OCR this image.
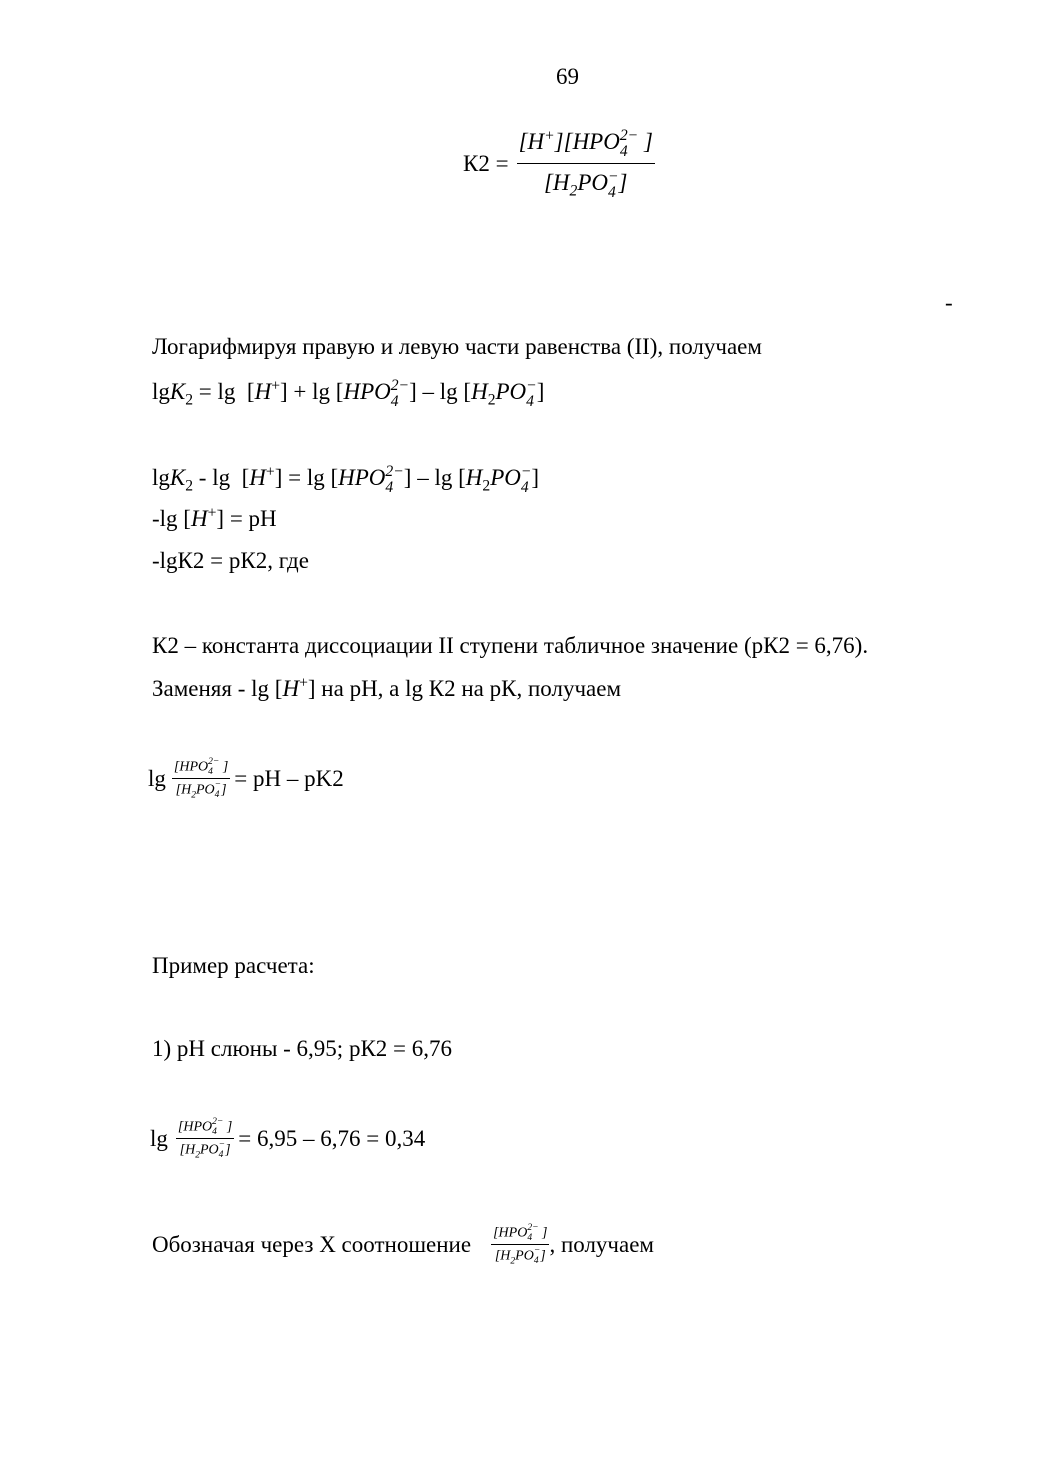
69
К2 = [H+][HPO 2−
4 ]
[$H_2PO$ −
4 ]
-
Логарифмируя правую и левую части равенства (II), получаем
lgK$_2$ = lg  [H+] + lg [HPO 2−
4 ] – $\lg [H_2PO$ −
4 ]
lgK$_2$ - lg  [H+] = lg [HPO 2−
4 ] – $\lg [H_2PO$ −
4 ]
-lg [H+] = pH
-lgК2 = рК2, где
К2 – константа диссоциации II ступени табличное значение (рК2 = 6,76).
Заменяя - lg [H+] на pH, а lg К2 на рК, получаем
lg [HPO 2−
4 ]
[$H_2PO$ −
4 ] = pH – pK2
Пример расчета:
1) pH слюны - 6,95; рК2 = 6,76
lg [HPO 2−
4 ]
[$H_2PO$ −
4 ] = 6,95 – 6,76 = 0,34
Обозначая через Х соотношение [HPO 2−
4 ]
[$H_2PO$ −
4 ] , получаем
